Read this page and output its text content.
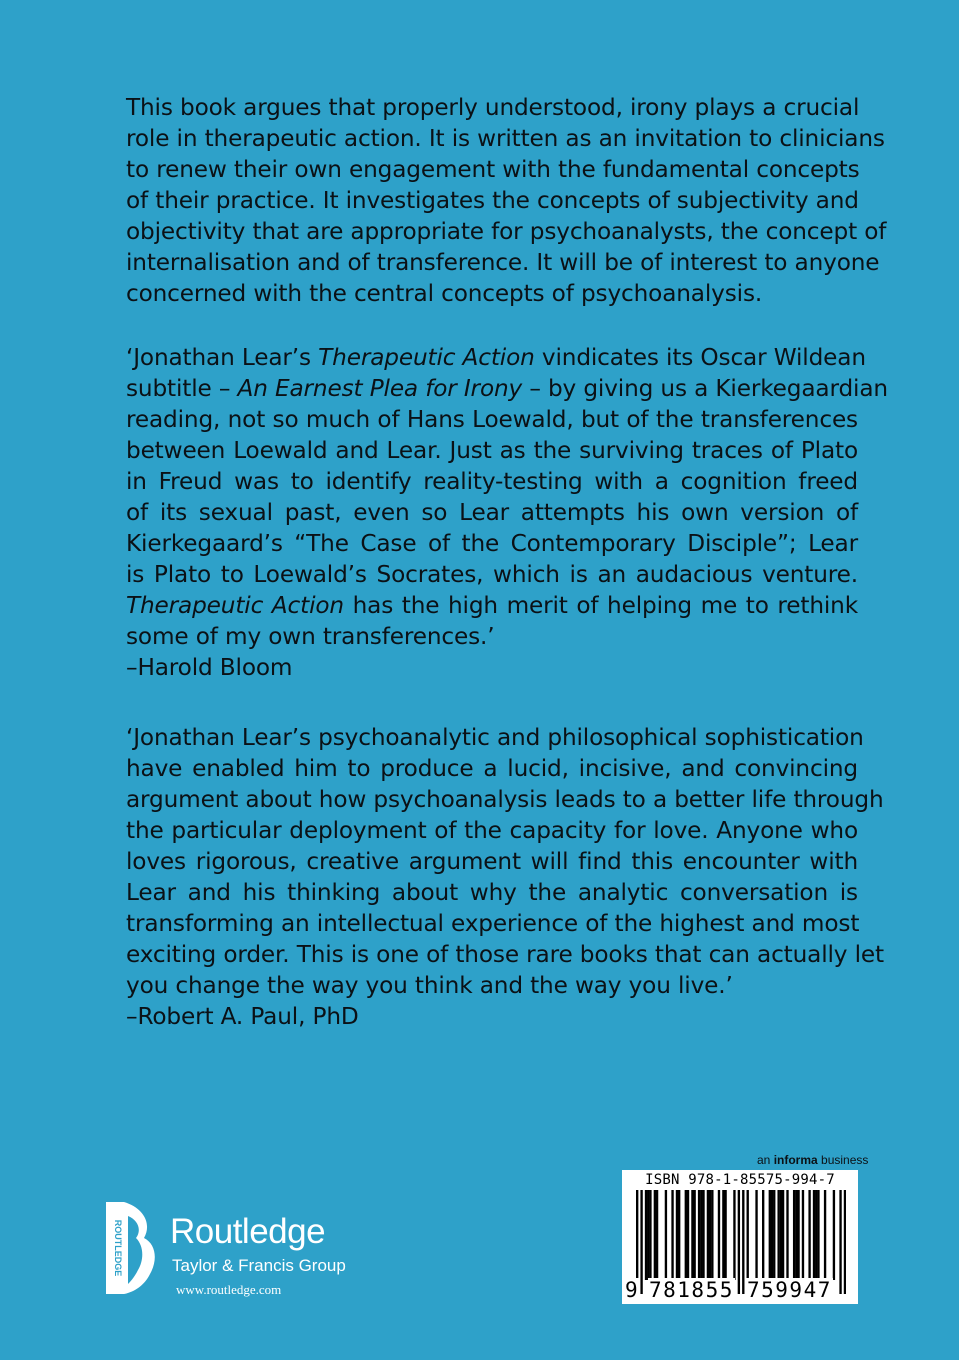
This book argues that properly understood, irony plays a crucial
role in therapeutic action. It is written as an invitation to clinicians
to renew their own engagement with the fundamental concepts
of their practice. It investigates the concepts of subjectivity and
objectivity that are appropriate for psychoanalysts, the concept of
internalisation and of transference. It will be of interest to anyone
concerned with the central concepts of psychoanalysis.
‘Jonathan Lear’s Therapeutic Action vindicates its Oscar Wildean
subtitle – An Earnest Plea for Irony – by giving us a Kierkegaardian
reading, not so much of Hans Loewald, but of the transferences
between Loewald and Lear. Just as the surviving traces of Plato
in Freud was to identify reality-testing with a cognition freed
of its sexual past, even so Lear attempts his own version of
Kierkegaard’s “The Case of the Contemporary Disciple”; Lear
is Plato to Loewald’s Socrates, which is an audacious venture.
Therapeutic Action has the high merit of helping me to rethink
some of my own transferences.’
–Harold Bloom
‘Jonathan Lear’s psychoanalytic and philosophical sophistication
have enabled him to produce a lucid, incisive, and convincing
argument about how psychoanalysis leads to a better life through
the particular deployment of the capacity for love. Anyone who
loves rigorous, creative argument will find this encounter with
Lear and his thinking about why the analytic conversation is
transforming an intellectual experience of the highest and most
exciting order. This is one of those rare books that can actually let
you change the way you think and the way you live.’
–Robert A. Paul, PhD
ROUTLEDGE Routledge
Taylor & Francis Group
www.routledge.com
an informa business
ISBN 978-1-85575-994-7
9 781855 759947
